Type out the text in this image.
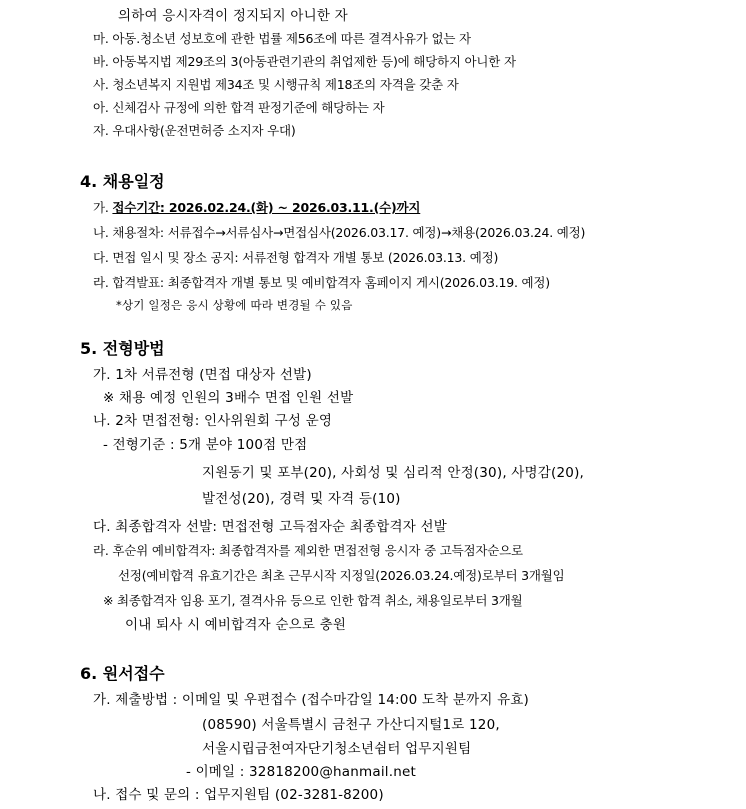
의하여 응시자격이 정지되지 아니한 자
마. 아동․청소년 성보호에 관한 법률 제56조에 따른 결격사유가 없는 자
바. 아동복지법 제29조의 3(아동관련기관의 취업제한 등)에 해당하지 아니한 자
사. 청소년복지 지원법 제34조 및 시행규칙 제18조의 자격을 갖춘 자
아. 신체검사 규정에 의한 합격 판정기준에 해당하는 자
자. 우대사항(운전면허증 소지자 우대)
4. 채용일정
가. 접수기간: 2026.02.24.(화) ~ 2026.03.11.(수)까지
나. 채용절차: 서류접수→서류심사→면접심사(2026.03.17. 예정)→채용(2026.03.24. 예정)
다. 면접 일시 및 장소 공지: 서류전형 합격자 개별 통보 (2026.03.13. 예정)
라. 합격발표: 최종합격자 개별 통보 및 예비합격자 홈페이지 게시(2026.03.19. 예정)
*상기 일정은 응시 상황에 따라 변경될 수 있음
5. 전형방법
가. 1차 서류전형 (면접 대상자 선발)
※ 채용 예정 인원의 3배수 면접 인원 선발
나. 2차 면접전형: 인사위원회 구성 운영
- 전형기준 : 5개 분야 100점 만점
지원동기 및 포부(20), 사회성 및 심리적 안정(30), 사명감(20),
발전성(20), 경력 및 자격 등(10)
다. 최종합격자 선발: 면접전형 고득점자순 최종합격자 선발
라. 후순위 예비합격자: 최종합격자를 제외한 면접전형 응시자 중 고득점자순으로
선정(예비합격 유효기간은 최초 근무시작 지정일(2026.03.24.예정)로부터 3개월임
※ 최종합격자 임용 포기, 결격사유 등으로 인한 합격 취소, 채용일로부터 3개월
이내 퇴사 시 예비합격자 순으로 충원
6. 원서접수
가. 제출방법 : 이메일 및 우편접수 (접수마감일 14:00 도착 분까지 유효)
(08590) 서울특별시 금천구 가산디지털1로 120,
서울시립금천여자단기청소년쉼터 업무지원팀
- 이메일 : 32818200@hanmail.net
나. 접수 및 문의 : 업무지원팀 (02-3281-8200)
